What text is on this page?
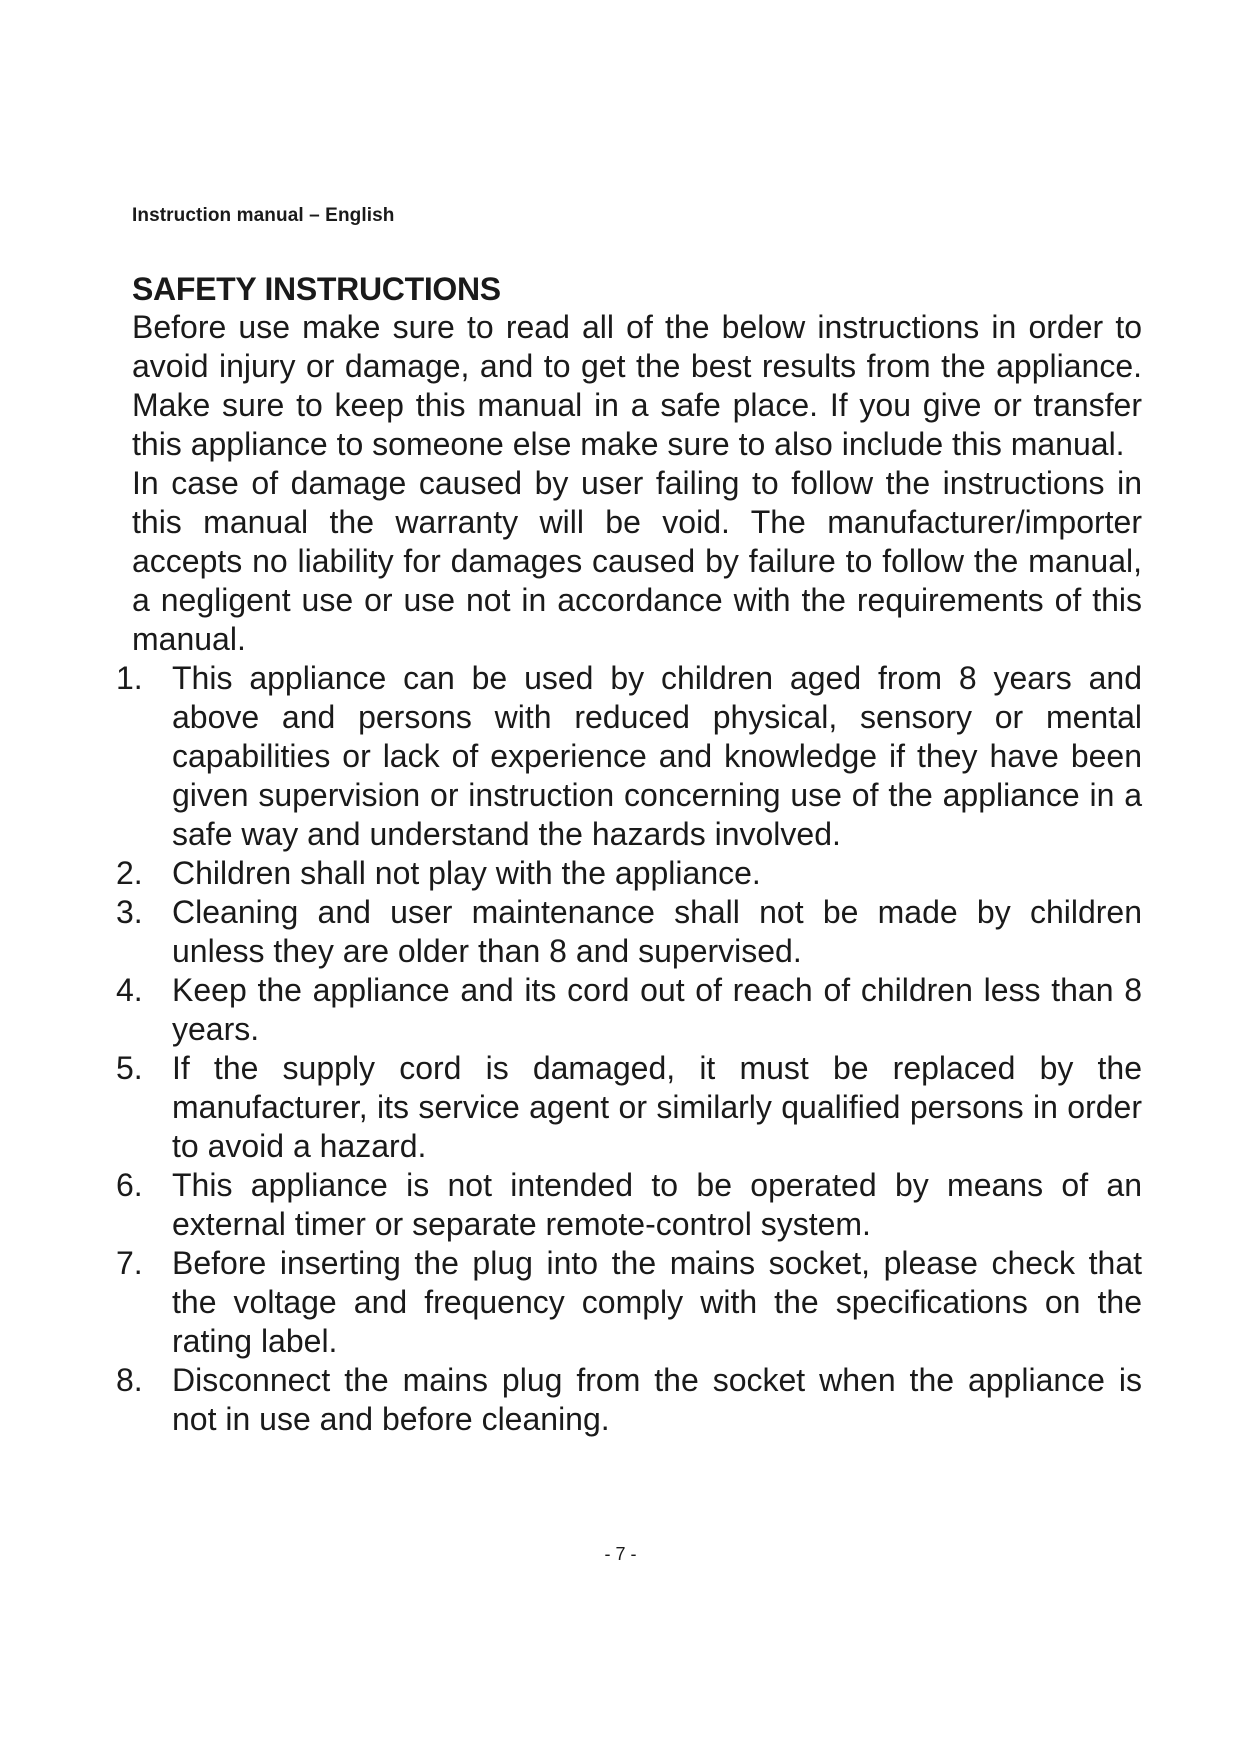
Instruction manual – English
SAFETY INSTRUCTIONS

Before use make sure to read all of the below instructions in order to avoid injury or damage, and to get the best results from the appliance. Make sure to keep this manual in a safe place. If you give or transfer this appliance to someone else make sure to also include this manual.

In case of damage caused by user failing to follow the instructions in this manual the warranty will be void. The manufacturer/importer accepts no liability for damages caused by failure to follow the manual, a negligent use or use not in accordance with the requirements of this manual.

1. This appliance can be used by children aged from 8 years and above and persons with reduced physical, sensory or mental capabilities or lack of experience and knowledge if they have been given supervision or instruction concerning use of the appliance in a safe way and understand the hazards involved.
2. Children shall not play with the appliance.
3. Cleaning and user maintenance shall not be made by children unless they are older than 8 and supervised.
4. Keep the appliance and its cord out of reach of children less than 8 years.
5. If the supply cord is damaged, it must be replaced by the manufacturer, its service agent or similarly qualified persons in order to avoid a hazard.
6. This appliance is not intended to be operated by means of an external timer or separate remote-control system.
7. Before inserting the plug into the mains socket, please check that the voltage and frequency comply with the specifications on the rating label.
8. Disconnect the mains plug from the socket when the appliance is not in use and before cleaning.
- 7 -
